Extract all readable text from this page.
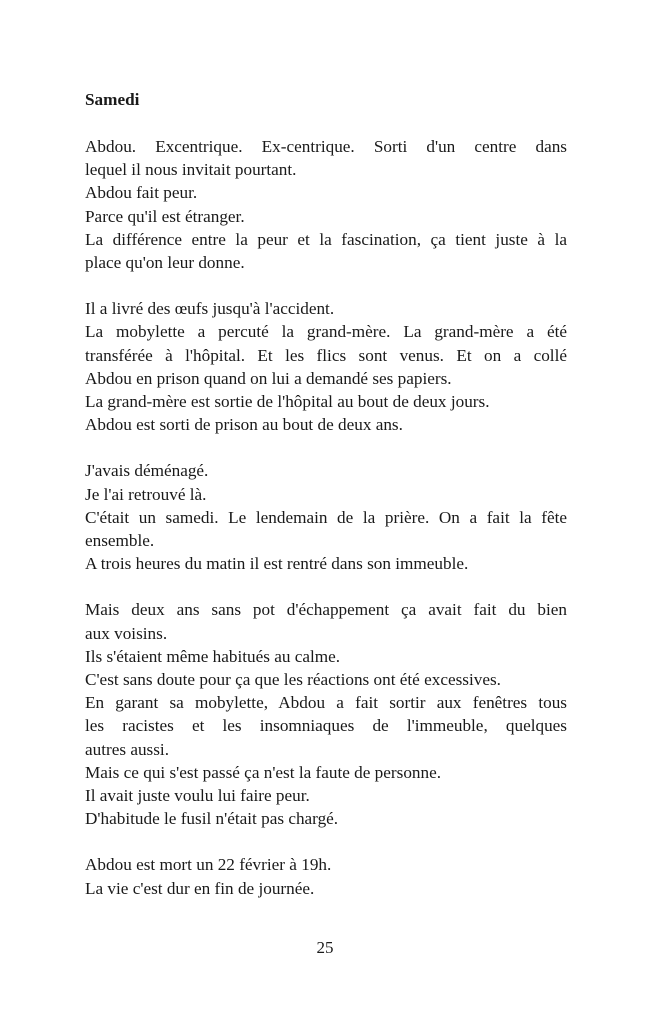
Samedi
Abdou. Excentrique. Ex-centrique. Sorti d'un centre dans
lequel il nous invitait pourtant.
Abdou fait peur.
Parce qu'il est étranger.
La différence entre la peur et la fascination, ça tient juste à la
place qu'on leur donne.
Il a livré des œufs jusqu'à l'accident.
La mobylette a percuté la grand-mère. La grand-mère a été
transférée à l'hôpital. Et les flics sont venus. Et on a collé
Abdou en prison quand on lui a demandé ses papiers.
La grand-mère est sortie de l'hôpital au bout de deux jours.
Abdou est sorti de prison au bout de deux ans.
J'avais déménagé.
Je l'ai retrouvé là.
C'était un samedi. Le lendemain de la prière. On a fait la fête
ensemble.
A trois heures du matin il est rentré dans son immeuble.
Mais deux ans sans pot d'échappement ça avait fait du bien
aux voisins.
Ils s'étaient même habitués au calme.
C'est sans doute pour ça que les réactions ont été excessives.
En garant sa mobylette, Abdou a fait sortir aux fenêtres tous
les racistes et les insomniaques de l'immeuble, quelques
autres aussi.
Mais ce qui s'est passé ça n'est la faute de personne.
Il avait juste voulu lui faire peur.
D'habitude le fusil n'était pas chargé.
Abdou est mort un 22 février à 19h.
La vie c'est dur en fin de journée.
25
